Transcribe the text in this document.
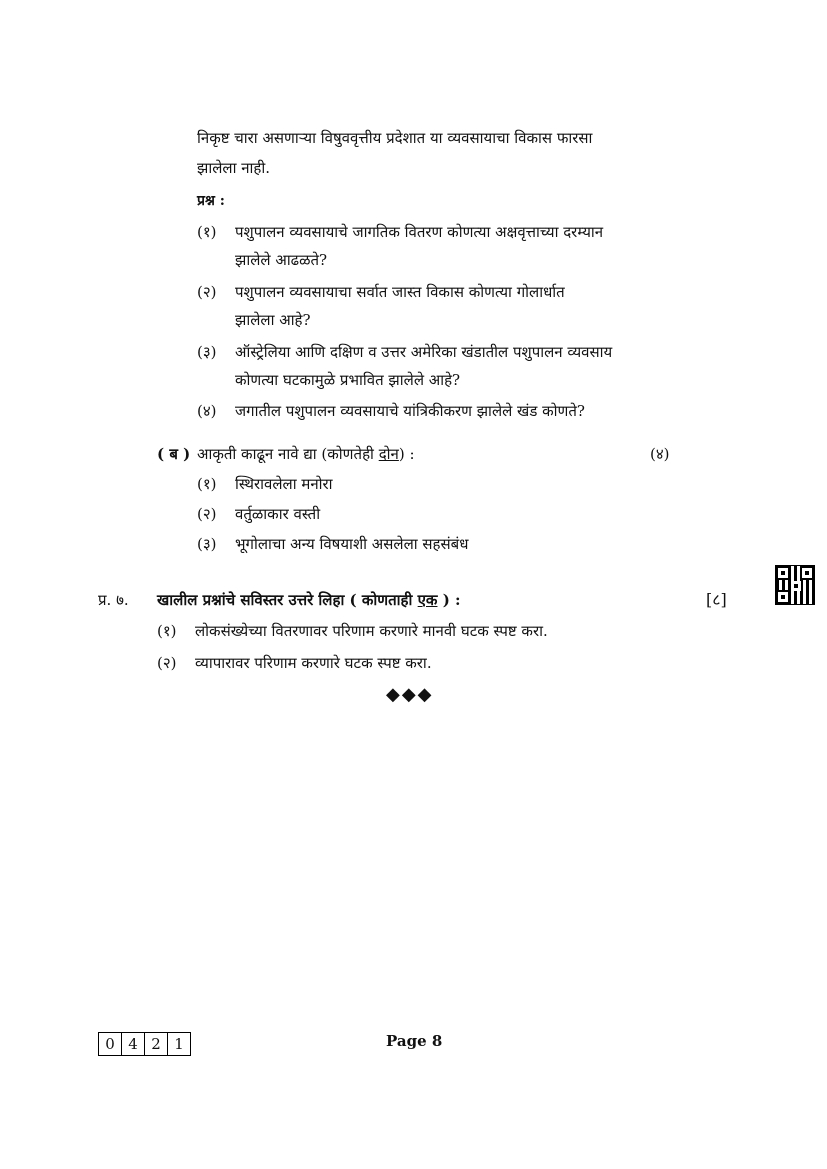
निकृष्ट चारा असणाऱ्या विषुववृत्तीय प्रदेशात या व्यवसायाचा विकास फारसा
झालेला नाही.
प्रश्न :
(१) पशुपालन व्यवसायाचे जागतिक वितरण कोणत्या अक्षवृत्ताच्या दरम्यान
झालेले आढळते?
(२) पशुपालन व्यवसायाचा सर्वात जास्त विकास कोणत्या गोलार्धात
झालेला आहे?
(३) ऑस्ट्रेलिया आणि दक्षिण व उत्तर अमेरिका खंडातील पशुपालन व्यवसाय
कोणत्या घटकामुळे प्रभावित झालेले आहे?
(४) जगातील पशुपालन व्यवसायाचे यांत्रिकीकरण झालेले खंड कोणते?
( ब ) आकृती काढून नावे द्या (कोणतेही दोन) :	(४)
(१) स्थिरावलेला मनोरा
(२) वर्तुळाकार वस्ती
(३) भूगोलाचा अन्य विषयाशी असलेला सहसंबंध
प्र. ७. खालील प्रश्नांचे सविस्तर उत्तरे लिहा ( कोणताही एक ) :	[८]
(१) लोकसंख्येच्या वितरणावर परिणाम करणारे मानवी घटक स्पष्ट करा.
(२) व्यापारावर परिणाम करणारे घटक स्पष्ट करा.
◆◆◆
0 4 2 1	Page 8
